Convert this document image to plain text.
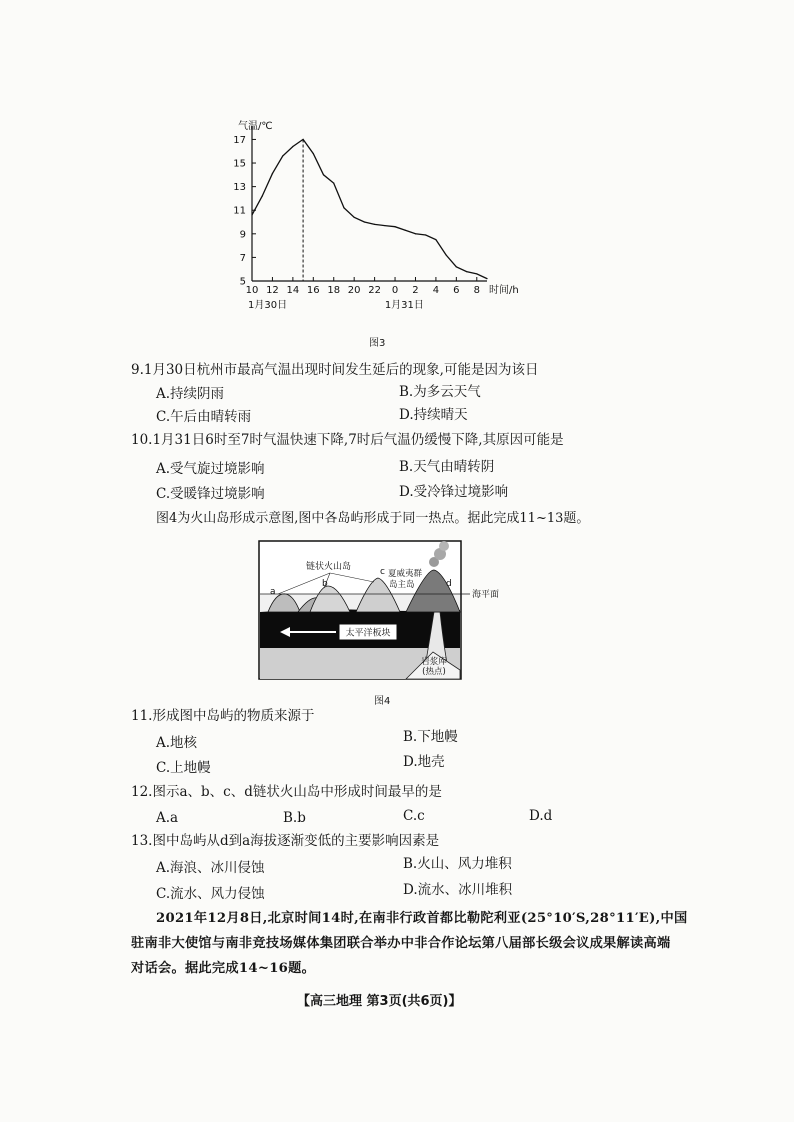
5
7
9
11
13
15
17
10 12 14 16 18 20 22 0 2 4 6 8
气温/℃
时间/h
1月30日	1月31日
图3
9.1月30日杭州市最高气温出现时间发生延后的现象,可能是因为该日
A.持续阴雨	B.为多云天气
C.午后由晴转雨	D.持续晴天
10.1月31日6时至7时气温快速下降,7时后气温仍缓慢下降,其原因可能是
A.受气旋过境影响	B.天气由晴转阴
C.受暖锋过境影响	D.受冷锋过境影响
图4为火山岛形成示意图,图中各岛屿形成于同一热点。据此完成11~13题。
太平洋板块
链状火山岛
夏威夷群
岛主岛
海平面
岩浆库
(热点)
a
b
c
d
图4
11.形成图中岛屿的物质来源于
A.地核	B.下地幔
C.上地幔	D.地壳
12.图示a、b、c、d链状火山岛中形成时间最早的是
A.a	B.b	C.c	D.d
13.图中岛屿从d到a海拔逐渐变低的主要影响因素是
A.海浪、冰川侵蚀	B.火山、风力堆积
C.流水、风力侵蚀	D.流水、冰川堆积
2021年12月8日,北京时间14时,在南非行政首都比勒陀利亚(25°10′S,28°11′E),中国
驻南非大使馆与南非竞技场媒体集团联合举办中非合作论坛第八届部长级会议成果解读高端
对话会。据此完成14~16题。
【高三地理 第3页(共6页)】
